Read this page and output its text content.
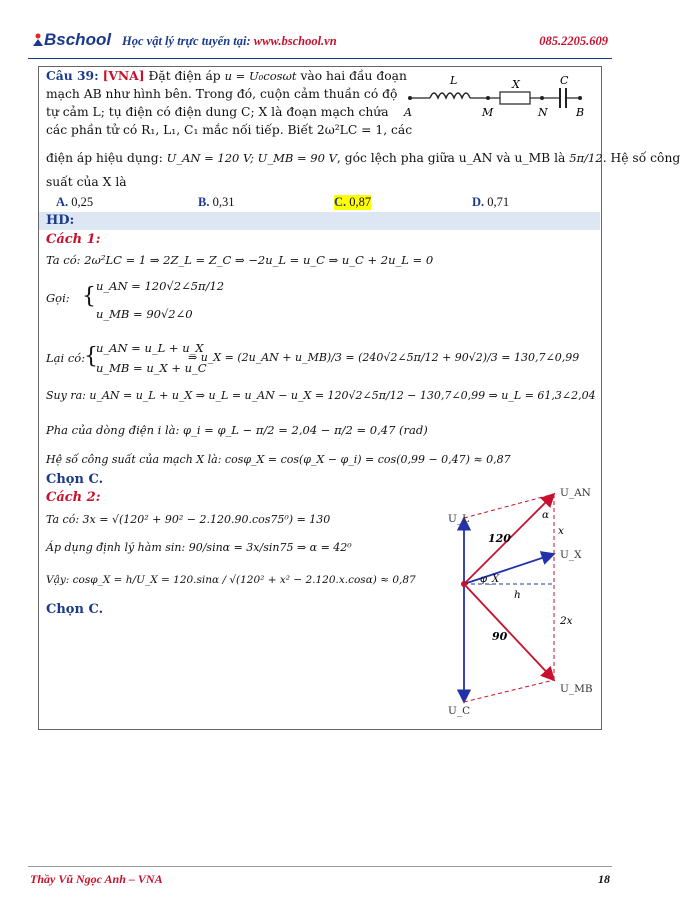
Bschool Học vật lý trực tuyến tại: www.bschool.vn	085.2205.609
Câu 39: [VNA] Đặt điện áp u = U₀cosωt vào hai đầu đoạn
mạch AB như hình bên. Trong đó, cuộn cảm thuần có độ
tự cảm L; tụ điện có điện dung C; X là đoạn mạch chứa
các phần tử có R₁, L₁, C₁ mắc nối tiếp. Biết 2ω²LC = 1, các
điện áp hiệu dụng: U_AN = 120 V; U_MB = 90 V, góc lệch pha giữa u_AN và u_MB là 5π/12. Hệ số công
suất của X là
L	X	C
A	M	N	B
A. 0,25	B. 0,31	C. 0,87	D. 0,71
HD:
Cách 1:
Ta có: 2ω²LC = 1 ⇒ 2Z_L = Z_C ⇒ −2u_L = u_C ⇒ u_C + 2u_L = 0
Gọi: { u_AN = 120√2∠5π/12
u_MB = 90√2∠0
Lại có:
{
u_AN = u_L + u_X
u_MB = u_X + u_C
⇒ u_X = (2u_AN + u_MB)/3 = (240√2∠5π/12 + 90√2)/3 = 130,7∠0,99
Suy ra: u_AN = u_L + u_X ⇒ u_L = u_AN − u_X = 120√2∠5π/12 − 130,7∠0,99 ⇒ u_L = 61,3∠2,04
Pha của dòng điện i là: φ_i = φ_L − π/2 = 2,04 − π/2 = 0,47 (rad)
Hệ số công suất của mạch X là: cosφ_X = cos(φ_X − φ_i) = cos(0,99 − 0,47) ≈ 0,87
Chọn C.
Cách 2:
Ta có: 3x = √(120² + 90² − 2.120.90.cos75⁰) = 130
Áp dụng định lý hàm sin: 90/sinα = 3x/sin75 ⇒ α = 42⁰
Vậy: cosφ_X = h/U_X = 120.sinα / √(120² + x² − 2.120.x.cosα) ≈ 0,87
Chọn C.
U_AN
U_L
U_X
U_MB
U_C
α
x
2x
h
φ_X
120
90
Thầy Vũ Ngọc Anh – VNA	18
